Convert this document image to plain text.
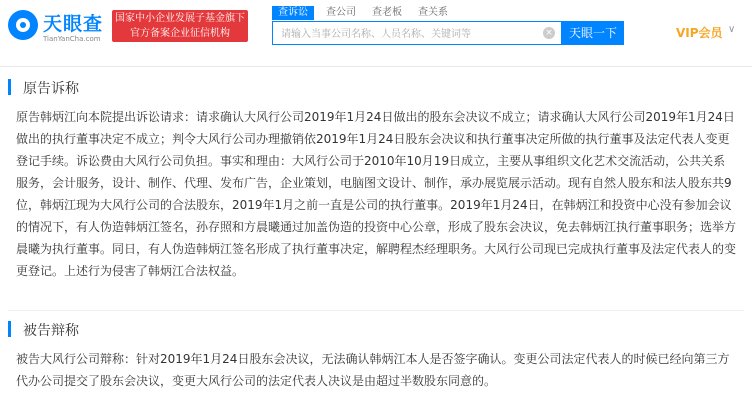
天眼查
TianYanCha.com
国家中小企业发展子基金旗下
官方备案企业征信机构
查诉讼	查公司	查老板	查关系
请输入当事公司名称、人员名称、关键词等
×	天眼一下	VIP会员 ∨
原告诉称
原告韩炳江向本院提出诉讼请求：请求确认大风行公司2019年1月24日做出的股东会决议不成立；请求确认大风行公司2019年1月24日做出的执行董事决定不成立；判令大风行公司办理撤销依2019年1月24日股东会决议和执行董事决定所做的执行董事及法定代表人变更登记手续。诉讼费由大风行公司负担。事实和理由：大风行公司于2010年10月19日成立，主要从事组织文化艺术交流活动，公共关系服务，会计服务，设计、制作、代理、发布广告，企业策划，电脑图文设计、制作，承办展览展示活动。现有自然人股东和法人股东共9位，韩炳江现为大风行公司的合法股东，2019年1月之前一直是公司的执行董事。2019年1月24日，在韩炳江和投资中心没有参加会议的情况下，有人伪造韩炳江签名，孙存照和方晨曦通过加盖伪造的投资中心公章，形成了股东会决议，免去韩炳江执行董事职务；选举方晨曦为执行董事。同日，有人伪造韩炳江签名形成了执行董事决定，解聘程杰经理职务。大风行公司现已完成执行董事及法定代表人的变更登记。上述行为侵害了韩炳江合法权益。
被告辩称
被告大风行公司辩称：针对2019年1月24日股东会决议，无法确认韩炳江本人是否签字确认。变更公司法定代表人的时候已经向第三方代办公司提交了股东会决议，变更大风行公司的法定代表人决议是由超过半数股东同意的。
